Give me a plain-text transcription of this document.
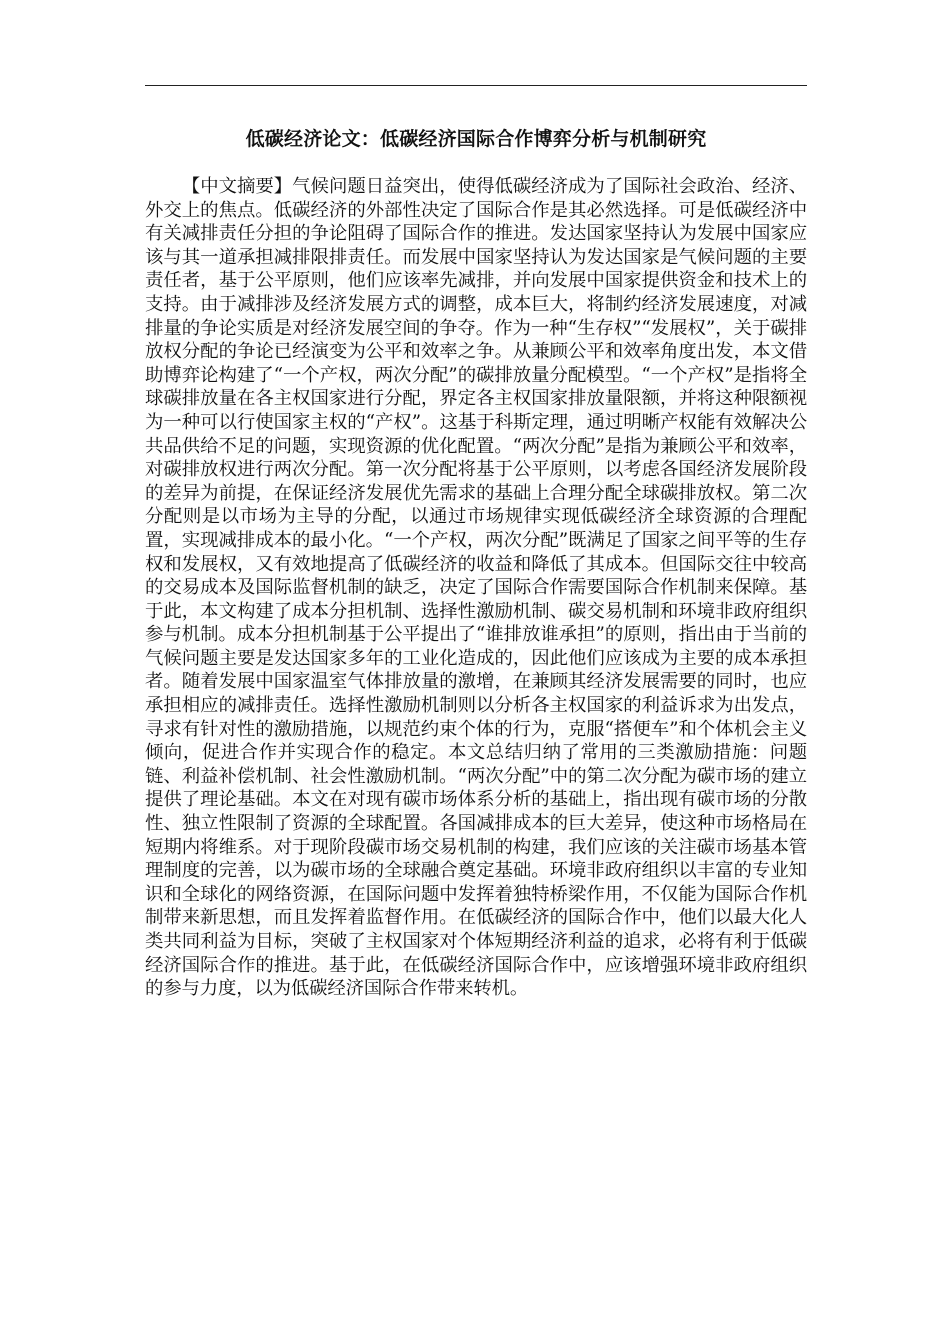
低碳经济论文：低碳经济国际合作博弈分析与机制研究

【中文摘要】气候问题日益突出，使得低碳经济成为了国际社会政治、经济、外交上的焦点。低碳经济的外部性决定了国际合作是其必然选择。可是低碳经济中有关减排责任分担的争论阻碍了国际合作的推进。发达国家坚持认为发展中国家应该与其一道承担减排限排责任。而发展中国家坚持认为发达国家是气候问题的主要责任者，基于公平原则，他们应该率先减排，并向发展中国家提供资金和技术上的支持。由于减排涉及经济发展方式的调整，成本巨大，将制约经济发展速度，对减排量的争论实质是对经济发展空间的争夺。作为一种“生存权”“发展权”，关于碳排放权分配的争论已经演变为公平和效率之争。从兼顾公平和效率角度出发，本文借助博弈论构建了“一个产权，两次分配”的碳排放量分配模型。“一个产权”是指将全球碳排放量在各主权国家进行分配，界定各主权国家排放量限额，并将这种限额视为一种可以行使国家主权的“产权”。这基于科斯定理，通过明晰产权能有效解决公共品供给不足的问题，实现资源的优化配置。“两次分配”是指为兼顾公平和效率，对碳排放权进行两次分配。第一次分配将基于公平原则，以考虑各国经济发展阶段的差异为前提，在保证经济发展优先需求的基础上合理分配全球碳排放权。第二次分配则是以市场为主导的分配，以通过市场规律实现低碳经济全球资源的合理配置，实现减排成本的最小化。“一个产权，两次分配”既满足了国家之间平等的生存权和发展权，又有效地提高了低碳经济的收益和降低了其成本。但国际交往中较高的交易成本及国际监督机制的缺乏，决定了国际合作需要国际合作机制来保障。基于此，本文构建了成本分担机制、选择性激励机制、碳交易机制和环境非政府组织参与机制。成本分担机制基于公平提出了“谁排放谁承担”的原则，指出由于当前的气候问题主要是发达国家多年的工业化造成的，因此他们应该成为主要的成本承担者。随着发展中国家温室气体排放量的激增，在兼顾其经济发展需要的同时，也应承担相应的减排责任。选择性激励机制则以分析各主权国家的利益诉求为出发点，寻求有针对性的激励措施，以规范约束个体的行为，克服“搭便车”和个体机会主义倾向，促进合作并实现合作的稳定。本文总结归纳了常用的三类激励措施：问题链、利益补偿机制、社会性激励机制。“两次分配”中的第二次分配为碳市场的建立提供了理论基础。本文在对现有碳市场体系分析的基础上，指出现有碳市场的分散性、独立性限制了资源的全球配置。各国减排成本的巨大差异，使这种市场格局在短期内将维系。对于现阶段碳市场交易机制的构建，我们应该的关注碳市场基本管理制度的完善，以为碳市场的全球融合奠定基础。环境非政府组织以丰富的专业知识和全球化的网络资源，在国际问题中发挥着独特桥梁作用，不仅能为国际合作机制带来新思想，而且发挥着监督作用。在低碳经济的国际合作中，他们以最大化人类共同利益为目标，突破了主权国家对个体短期经济利益的追求，必将有利于低碳经济国际合作的推进。基于此，在低碳经济国际合作中，应该增强环境非政府组织的参与力度，以为低碳经济国际合作带来转机。
